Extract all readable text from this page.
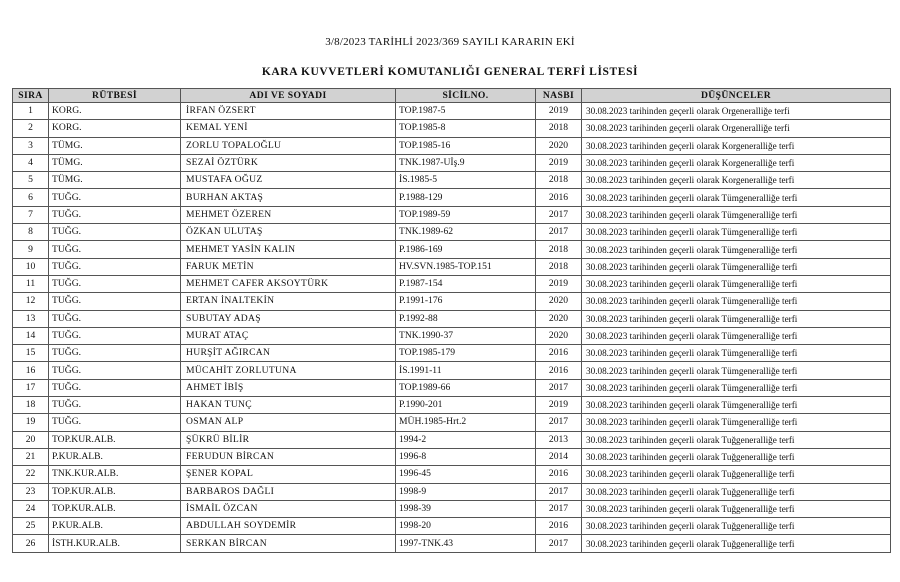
3/8/2023 TARİHLİ 2023/369 SAYILI KARARIN EKİ
KARA KUVVETLERİ KOMUTANLIĞI GENERAL TERFİ LİSTESİ
SIRA	RÜTBESİ	ADI VE SOYADI	SİCİLNO.	NASBI	DÜŞÜNCELER
1	KORG.	İRFAN ÖZSERT	TOP.1987-5	2019	30.08.2023 tarihinden geçerli olarak Orgeneralliğe terfi
2	KORG.	KEMAL YENİ	TOP.1985-8	2018	30.08.2023 tarihinden geçerli olarak Orgeneralliğe terfi
3	TÜMG.	ZORLU TOPALOĞLU	TOP.1985-16	2020	30.08.2023 tarihinden geçerli olarak Korgeneralliğe terfi
4	TÜMG.	SEZAİ ÖZTÜRK	TNK.1987-Uİş.9	2019	30.08.2023 tarihinden geçerli olarak Korgeneralliğe terfi
5	TÜMG.	MUSTAFA OĞUZ	İS.1985-5	2018	30.08.2023 tarihinden geçerli olarak Korgeneralliğe terfi
6	TUĞG.	BURHAN AKTAŞ	P.1988-129	2016	30.08.2023 tarihinden geçerli olarak Tümgeneralliğe terfi
7	TUĞG.	MEHMET ÖZEREN	TOP.1989-59	2017	30.08.2023 tarihinden geçerli olarak Tümgeneralliğe terfi
8	TUĞG.	ÖZKAN ULUTAŞ	TNK.1989-62	2017	30.08.2023 tarihinden geçerli olarak Tümgeneralliğe terfi
9	TUĞG.	MEHMET YASİN KALIN	P.1986-169	2018	30.08.2023 tarihinden geçerli olarak Tümgeneralliğe terfi
10	TUĞG.	FARUK METİN	HV.SVN.1985-TOP.151	2018	30.08.2023 tarihinden geçerli olarak Tümgeneralliğe terfi
11	TUĞG.	MEHMET CAFER AKSOYTÜRK	P.1987-154	2019	30.08.2023 tarihinden geçerli olarak Tümgeneralliğe terfi
12	TUĞG.	ERTAN İNALTEKİN	P.1991-176	2020	30.08.2023 tarihinden geçerli olarak Tümgeneralliğe terfi
13	TUĞG.	SUBUTAY ADAŞ	P.1992-88	2020	30.08.2023 tarihinden geçerli olarak Tümgeneralliğe terfi
14	TUĞG.	MURAT ATAÇ	TNK.1990-37	2020	30.08.2023 tarihinden geçerli olarak Tümgeneralliğe terfi
15	TUĞG.	HURŞİT AĞIRCAN	TOP.1985-179	2016	30.08.2023 tarihinden geçerli olarak Tümgeneralliğe terfi
16	TUĞG.	MÜCAHİT ZORLUTUNA	İS.1991-11	2016	30.08.2023 tarihinden geçerli olarak Tümgeneralliğe terfi
17	TUĞG.	AHMET İBİŞ	TOP.1989-66	2017	30.08.2023 tarihinden geçerli olarak Tümgeneralliğe terfi
18	TUĞG.	HAKAN TUNÇ	P.1990-201	2019	30.08.2023 tarihinden geçerli olarak Tümgeneralliğe terfi
19	TUĞG.	OSMAN ALP	MÜH.1985-Hrt.2	2017	30.08.2023 tarihinden geçerli olarak Tümgeneralliğe terfi
20	TOP.KUR.ALB.	ŞÜKRÜ BİLİR	1994-2	2013	30.08.2023 tarihinden geçerli olarak Tuğgeneralliğe terfi
21	P.KUR.ALB.	FERUDUN BİRCAN	1996-8	2014	30.08.2023 tarihinden geçerli olarak Tuğgeneralliğe terfi
22	TNK.KUR.ALB.	ŞENER KOPAL	1996-45	2016	30.08.2023 tarihinden geçerli olarak Tuğgeneralliğe terfi
23	TOP.KUR.ALB.	BARBAROS DAĞLI	1998-9	2017	30.08.2023 tarihinden geçerli olarak Tuğgeneralliğe terfi
24	TOP.KUR.ALB.	İSMAİL ÖZCAN	1998-39	2017	30.08.2023 tarihinden geçerli olarak Tuğgeneralliğe terfi
25	P.KUR.ALB.	ABDULLAH SOYDEMİR	1998-20	2016	30.08.2023 tarihinden geçerli olarak Tuğgeneralliğe terfi
26	İSTH.KUR.ALB.	SERKAN BİRCAN	1997-TNK.43	2017	30.08.2023 tarihinden geçerli olarak Tuğgeneralliğe terfi
